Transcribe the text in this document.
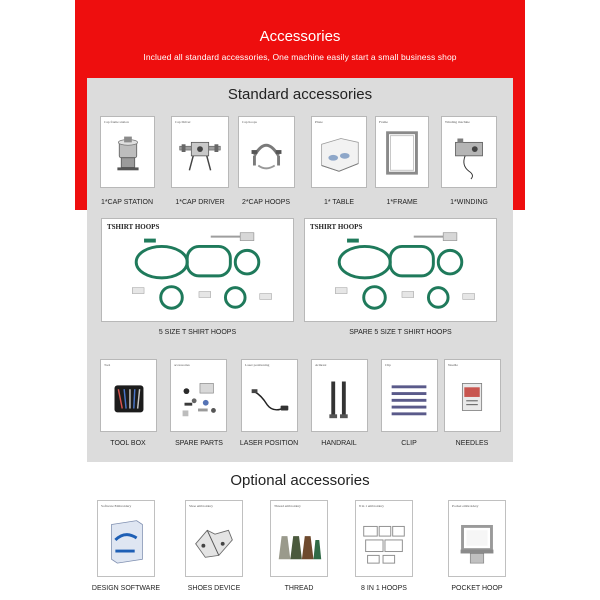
Accessories
Inclued all standard accessories, One machine easily start a small business shop
Standard accessories
Cap frame station
1*CAP STATION
Cap Driver
1*CAP DRIVER
Cap hoops
2*CAP HOOPS
Plane
1* TABLE
Frame
1*FRAME
Winding machine
1*WINDING
TSHIRT HOOPS
5 SIZE T SHIRT HOOPS
TSHIRT HOOPS
SPARE 5 SIZE T SHIRT HOOPS
Tool
TOOL BOX
accessories
SPARE PARTS
Laser positioning
LASER POSITION
Armrest
HANDRAIL
Clip
CLIP
Needle
NEEDLES
Optional accessories
Software Embroidery
DESIGN SOFTWARE
Shoe embroidery
SHOES DEVICE
Thread embroidery
THREAD
8 in 1 embroidery
8 IN 1 HOOPS
Pocket embroidery
POCKET HOOP
